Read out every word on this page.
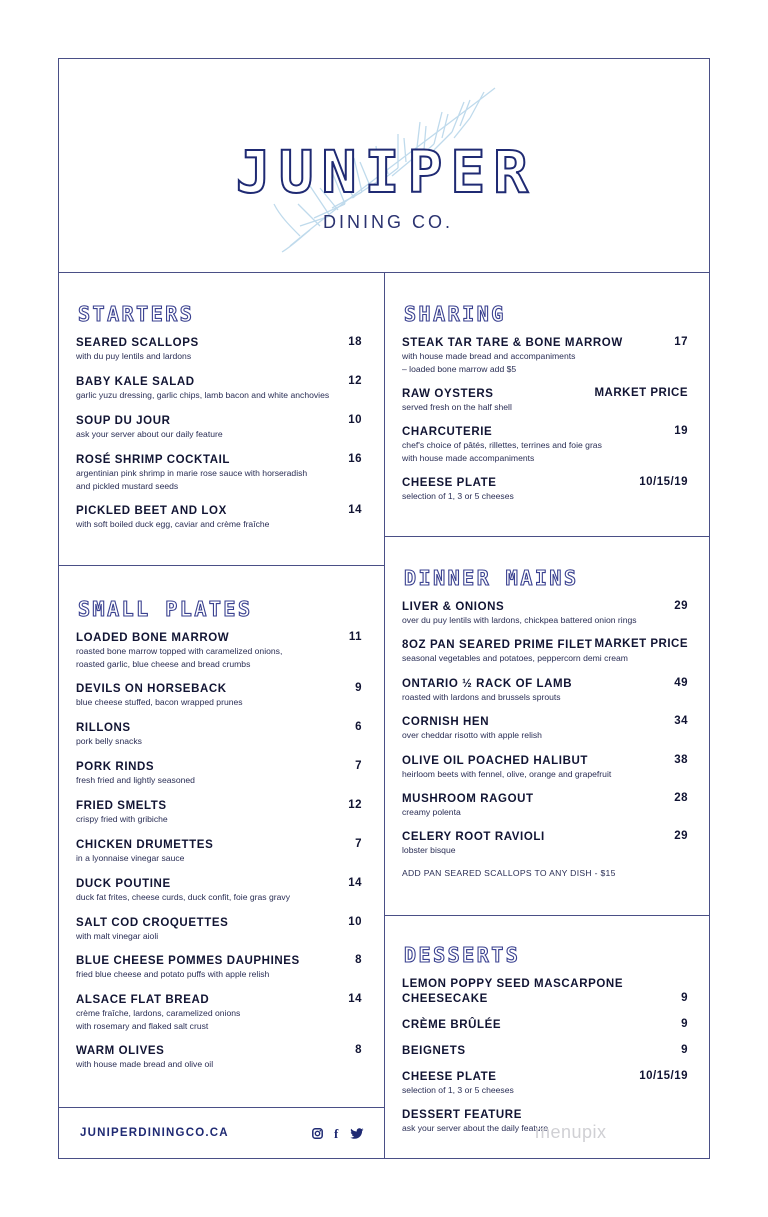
JUNIPER
DINING CO.
STARTERS
SEARED SCALLOPS
with du puy lentils and lardons
18
BABY KALE SALAD
garlic yuzu dressing, garlic chips, lamb bacon and white anchovies
12
SOUP DU JOUR
ask your server about our daily feature
10
ROSÉ SHRIMP COCKTAIL
argentinian pink shrimp in marie rose sauce with horseradish
and pickled mustard seeds
16
PICKLED BEET AND LOX
with soft boiled duck egg, caviar and crème fraîche
14
SMALL PLATES
LOADED BONE MARROW
roasted bone marrow topped with caramelized onions,
roasted garlic, blue cheese and bread crumbs
11
DEVILS ON HORSEBACK
blue cheese stuffed, bacon wrapped prunes
9
RILLONS
pork belly snacks
6
PORK RINDS
fresh fried and lightly seasoned
7
FRIED SMELTS
crispy fried with gribiche
12
CHICKEN DRUMETTES
in a lyonnaise vinegar sauce
7
DUCK POUTINE
duck fat frites, cheese curds, duck confit, foie gras gravy
14
SALT COD CROQUETTES
with malt vinegar aioli
10
BLUE CHEESE POMMES DAUPHINES
fried blue cheese and potato puffs with apple relish
8
ALSACE FLAT BREAD
crème fraîche, lardons, caramelized onions
with rosemary and flaked salt crust
14
WARM OLIVES
with house made bread and olive oil
8
JUNIPERDININGCO.CA	f
SHARING
STEAK TAR TARE & BONE MARROW
with house made bread and accompaniments
– loaded bone marrow add $5
17
RAW OYSTERS
served fresh on the half shell
MARKET PRICE
CHARCUTERIE
chef's choice of pâtés, rillettes, terrines and foie gras
with house made accompaniments
19
CHEESE PLATE
selection of 1, 3 or 5 cheeses
10/15/19
DINNER MAINS
LIVER & ONIONS
over du puy lentils with lardons, chickpea battered onion rings
29
8OZ PAN SEARED PRIME FILET
seasonal vegetables and potatoes, peppercorn demi cream
MARKET PRICE
ONTARIO ½ RACK OF LAMB
roasted with lardons and brussels sprouts
49
CORNISH HEN
over cheddar risotto with apple relish
34
OLIVE OIL POACHED HALIBUT
heirloom beets with fennel, olive, orange and grapefruit
38
MUSHROOM RAGOUT
creamy polenta
28
CELERY ROOT RAVIOLI
lobster bisque
29
ADD PAN SEARED SCALLOPS TO ANY DISH - $15
DESSERTS
LEMON POPPY SEED MASCARPONE
CHEESECAKE	9
CRÈME BRÛLÉE	9
BEIGNETS	9
CHEESE PLATE
selection of 1, 3 or 5 cheeses
10/15/19
DESSERT FEATURE
ask your server about the daily feature
menupix
